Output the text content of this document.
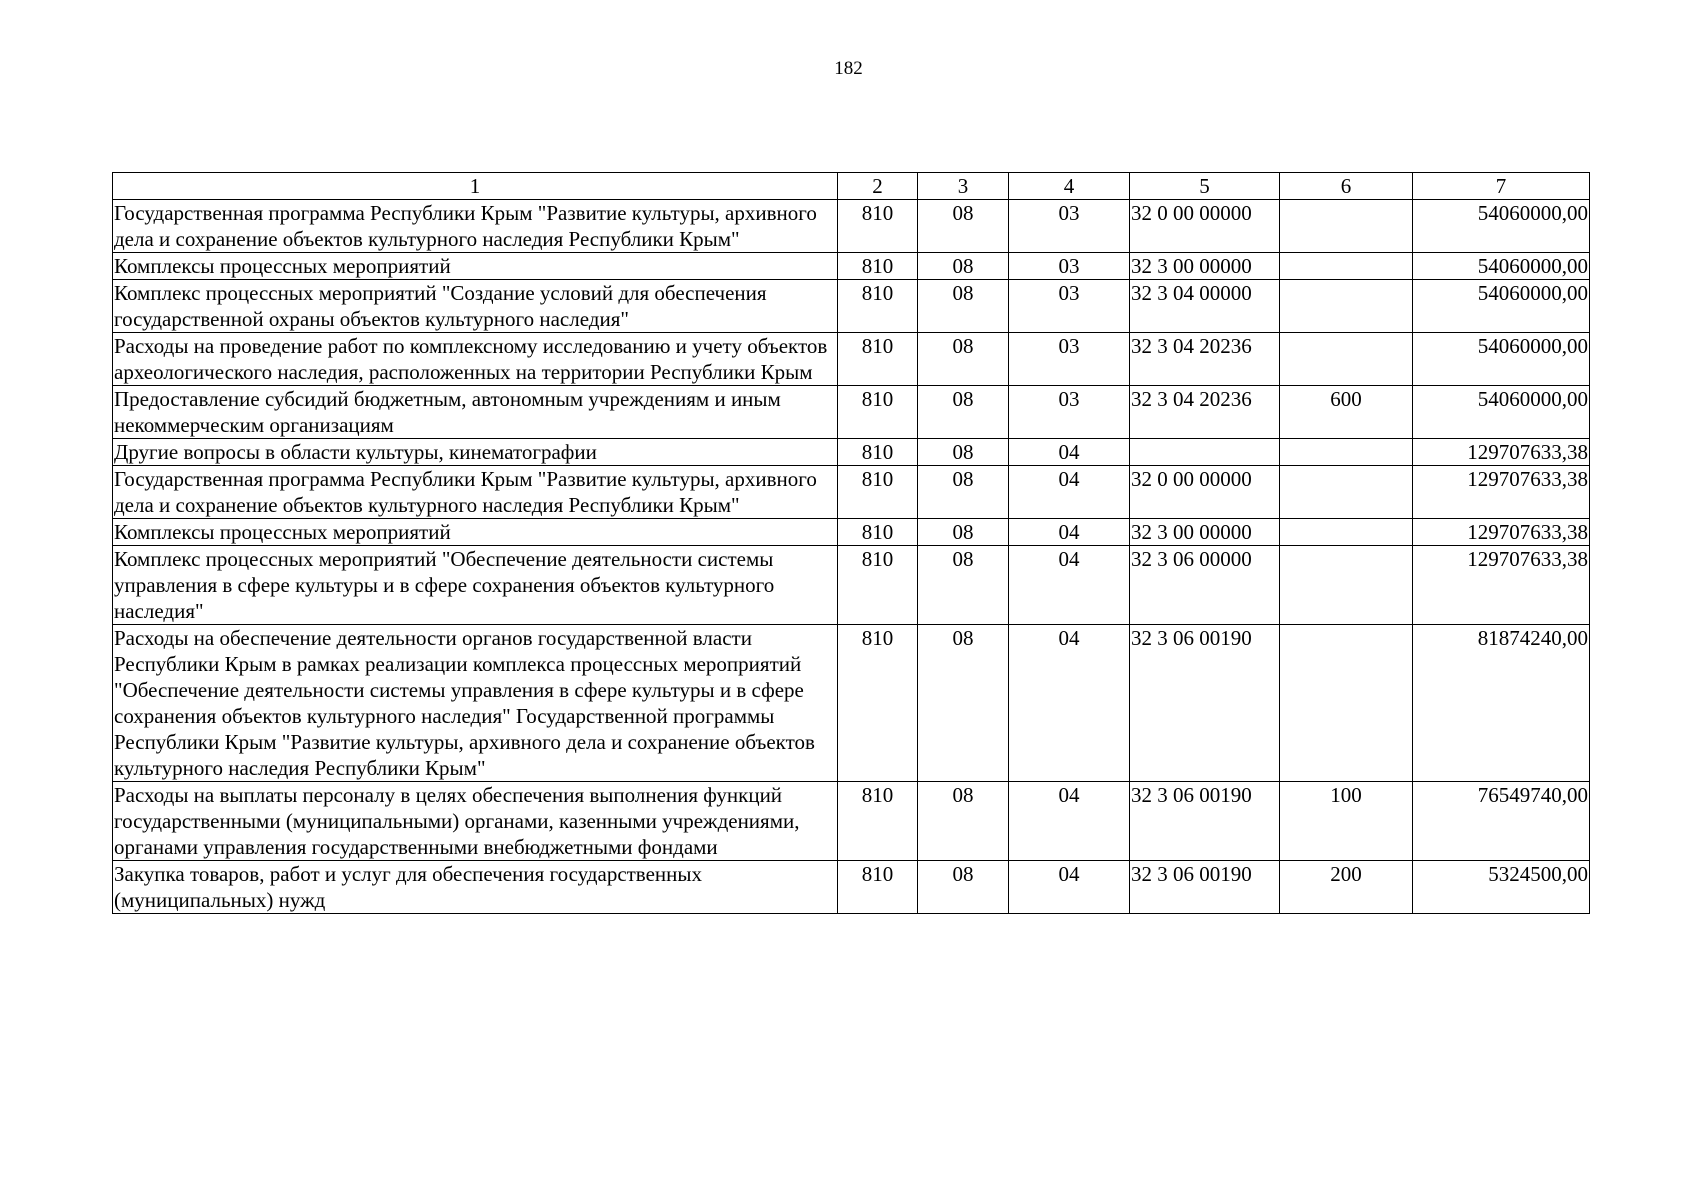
182
1	2	3	4	5	6	7
Государственная программа Республики Крым "Развитие культуры, архивного дела и сохранение объектов культурного наследия Республики Крым"	810	08	03	32 0 00 00000		54060000,00
Комплексы процессных мероприятий	810	08	03	32 3 00 00000		54060000,00
Комплекс процессных мероприятий "Создание условий для обеспечения государственной охраны объектов культурного наследия"	810	08	03	32 3 04 00000		54060000,00
Расходы на проведение работ по комплексному исследованию и учету объектов археологического наследия, расположенных на территории Республики Крым	810	08	03	32 3 04 20236		54060000,00
Предоставление субсидий бюджетным, автономным учреждениям и иным некоммерческим организациям	810	08	03	32 3 04 20236	600	54060000,00
Другие вопросы в области культуры, кинематографии	810	08	04			129707633,38
Государственная программа Республики Крым "Развитие культуры, архивного дела и сохранение объектов культурного наследия Республики Крым"	810	08	04	32 0 00 00000		129707633,38
Комплексы процессных мероприятий	810	08	04	32 3 00 00000		129707633,38
Комплекс процессных мероприятий "Обеспечение деятельности системы управления в сфере культуры и в сфере сохранения объектов культурного наследия"	810	08	04	32 3 06 00000		129707633,38
Расходы на обеспечение деятельности органов государственной власти Республики Крым в рамках реализации комплекса процессных мероприятий "Обеспечение деятельности системы управления в сфере культуры и в сфере сохранения объектов культурного наследия" Государственной программы Республики Крым "Развитие культуры, архивного дела и сохранение объектов культурного наследия Республики Крым"	810	08	04	32 3 06 00190		81874240,00
Расходы на выплаты персоналу в целях обеспечения выполнения функций государственными (муниципальными) органами, казенными учреждениями, органами управления государственными внебюджетными фондами	810	08	04	32 3 06 00190	100	76549740,00
Закупка товаров, работ и услуг для обеспечения государственных (муниципальных) нужд	810	08	04	32 3 06 00190	200	5324500,00
